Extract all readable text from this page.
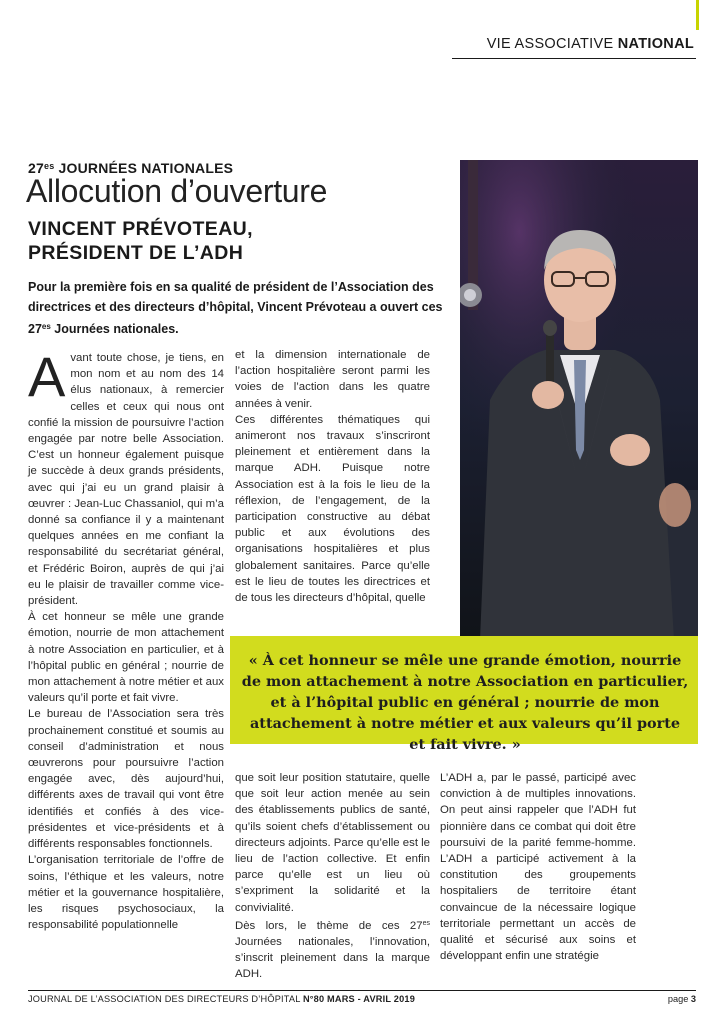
VIE ASSOCIATIVE NATIONAL
$27^{es}$ JOURNÉES NATIONALES
Allocution d’ouverture
VINCENT PRÉVOTEAU,
PRÉSIDENT DE L’ADH
Pour la première fois en sa qualité de président de l’Association des directrices et des directeurs d’hôpital, Vincent Prévoteau a ouvert ces $27^{es}$ Journées nationales.

Avant toute chose, je tiens, en mon nom et au nom des 14 élus nationaux, à remercier celles et ceux qui nous ont confié la mission de poursuivre l’action engagée par notre belle Association. C’est un honneur également puisque je succède à deux grands présidents, avec qui j’ai eu un grand plaisir à œuvrer : Jean-Luc Chassaniol, qui m’a donné sa confiance il y a maintenant quelques années en me confiant la responsabilité du secrétariat général, et Frédéric Boiron, auprès de qui j’ai eu le plaisir de travailler comme vice-président.

À cet honneur se mêle une grande émotion, nourrie de mon attachement à notre Association en particulier, et à l’hôpital public en général ; nourrie de mon attachement à notre métier et aux valeurs qu’il porte et fait vivre.

Le bureau de l’Association sera très prochainement constitué et soumis au conseil d’administration et nous œuvrerons pour poursuivre l’action engagée avec, dès aujourd’hui, différents axes de travail qui vont être identifiés et confiés à des vice-présidentes et vice-présidents et à différents responsables fonctionnels.

L’organisation territoriale de l’offre de soins, l’éthique et les valeurs, notre métier et la gouvernance hospitalière, les risques psychosociaux, la responsabilité populationnelle

et la dimension internationale de l’action hospitalière seront parmi les voies de l’action dans les quatre années à venir.

Ces différentes thématiques qui animeront nos travaux s’inscriront pleinement et entièrement dans la marque ADH. Puisque notre Association est à la fois le lieu de la réflexion, de l’engagement, de la participation constructive au débat public et aux évolutions des organisations hospitalières et plus globalement sanitaires. Parce qu’elle est le lieu de toutes les directrices et de tous les directeurs d’hôpital, quelle

« À cet honneur se mêle une grande émotion, nourrie de mon attachement à notre Association en particulier, et à l’hôpital public en général ; nourrie de mon attachement à notre métier et aux valeurs qu’il porte et fait vivre. »

que soit leur position statutaire, quelle que soit leur action menée au sein des établissements publics de santé, qu’ils soient chefs d’établissement ou directeurs adjoints. Parce qu’elle est le lieu de l’action collective. Et enfin parce qu’elle est un lieu où s’expriment la solidarité et la convivialité.

Dès lors, le thème de ces $27^{es}$ Journées nationales, l’innovation, s’inscrit pleinement dans la marque ADH.

L’ADH a, par le passé, participé avec conviction à de multiples innovations. On peut ainsi rappeler que l’ADH fut pionnière dans ce combat qui doit être poursuivi de la parité femme-homme. L’ADH a participé activement à la constitution des groupements hospitaliers de territoire étant convaincue de la nécessaire logique territoriale permettant un accès de qualité et sécurisé aux soins et développant enfin une stratégie

JOURNAL DE L’ASSOCIATION DES DIRECTEURS D’HÔPITAL N°80 MARS - AVRIL 2019	page 3
